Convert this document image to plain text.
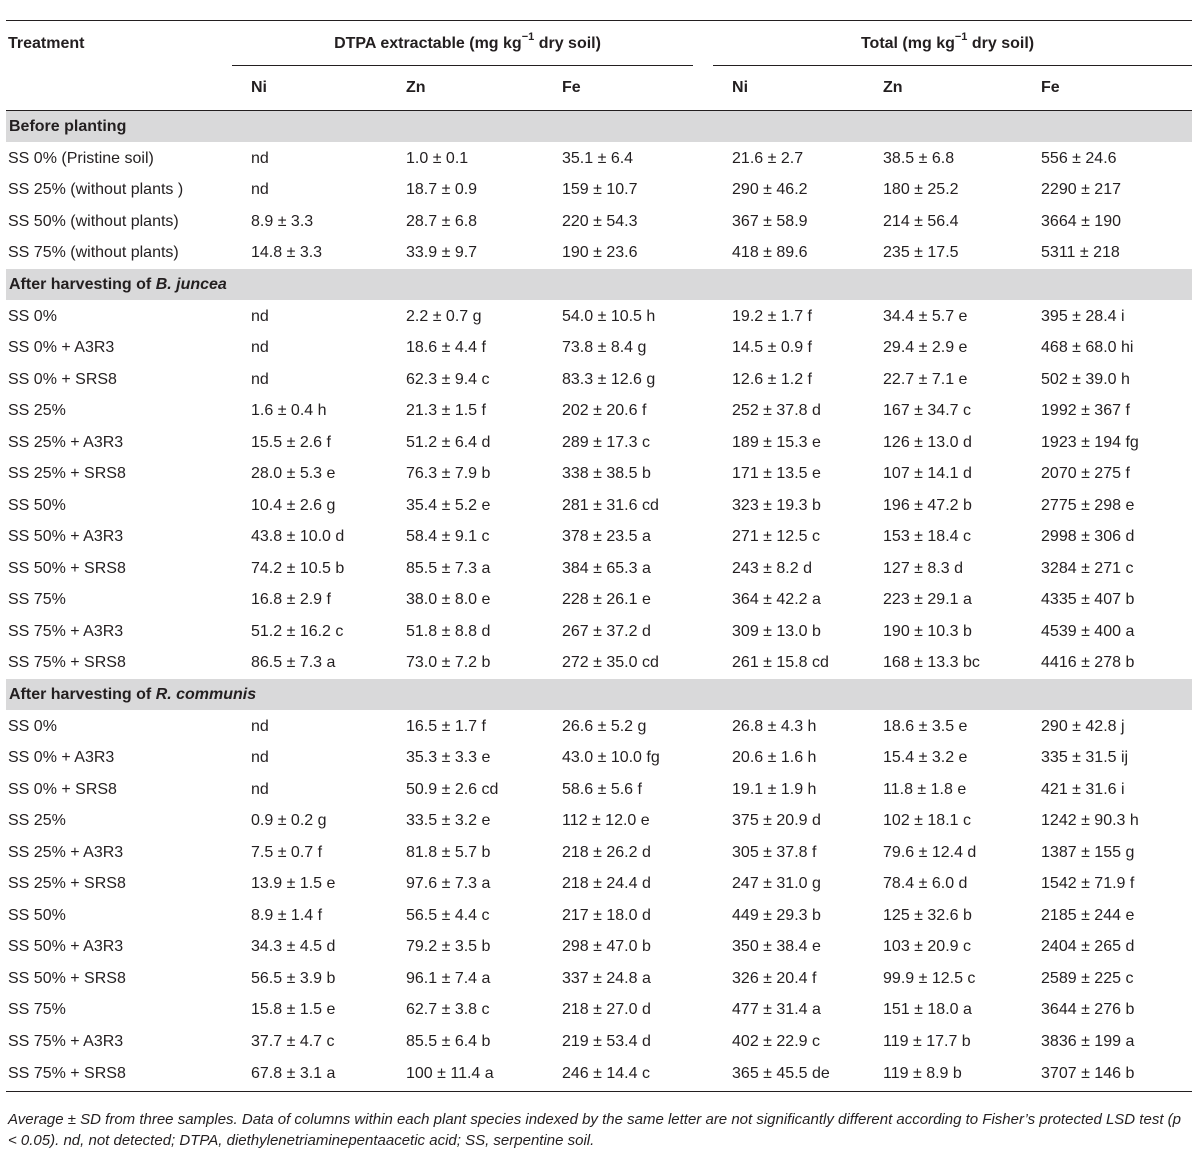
Treatment	DTPA extractable (mg $kg^{-1}$ dry soil)			Total (mg $kg^{-1}$ dry soil)		

	Ni	Zn	Fe	Ni	Zn	Fe
Before planting						
SS 0% (Pristine soil)	nd	1.0 ± 0.1	35.1 ± 6.4	21.6 ± 2.7	38.5 ± 6.8	556 ± 24.6
SS 25% (without plants )	nd	18.7 ± 0.9	159 ± 10.7	290 ± 46.2	180 ± 25.2	2290 ± 217
SS 50% (without plants)	8.9 ± 3.3	28.7 ± 6.8	220 ± 54.3	367 ± 58.9	214 ± 56.4	3664 ± 190
SS 75% (without plants)	14.8 ± 3.3	33.9 ± 9.7	190 ± 23.6	418 ± 89.6	235 ± 17.5	5311 ± 218
After harvesting of B. juncea						
SS 0%	nd	2.2 ± 0.7 g	54.0 ± 10.5 h	19.2 ± 1.7 f	34.4 ± 5.7 e	395 ± 28.4 i
SS 0% + A3R3	nd	18.6 ± 4.4 f	73.8 ± 8.4 g	14.5 ± 0.9 f	29.4 ± 2.9 e	468 ± 68.0 hi
SS 0% + SRS8	nd	62.3 ± 9.4 c	83.3 ± 12.6 g	12.6 ± 1.2 f	22.7 ± 7.1 e	502 ± 39.0 h
SS 25%	1.6 ± 0.4 h	21.3 ± 1.5 f	202 ± 20.6 f	252 ± 37.8 d	167 ± 34.7 c	1992 ± 367 f
SS 25% + A3R3	15.5 ± 2.6 f	51.2 ± 6.4 d	289 ± 17.3 c	189 ± 15.3 e	126 ± 13.0 d	1923 ± 194 fg
SS 25% + SRS8	28.0 ± 5.3 e	76.3 ± 7.9 b	338 ± 38.5 b	171 ± 13.5 e	107 ± 14.1 d	2070 ± 275 f
SS 50%	10.4 ± 2.6 g	35.4 ± 5.2 e	281 ± 31.6 cd	323 ± 19.3 b	196 ± 47.2 b	2775 ± 298 e
SS 50% + A3R3	43.8 ± 10.0 d	58.4 ± 9.1 c	378 ± 23.5 a	271 ± 12.5 c	153 ± 18.4 c	2998 ± 306 d
SS 50% + SRS8	74.2 ± 10.5 b	85.5 ± 7.3 a	384 ± 65.3 a	243 ± 8.2 d	127 ± 8.3 d	3284 ± 271 c
SS 75%	16.8 ± 2.9 f	38.0 ± 8.0 e	228 ± 26.1 e	364 ± 42.2 a	223 ± 29.1 a	4335 ± 407 b
SS 75% + A3R3	51.2 ± 16.2 c	51.8 ± 8.8 d	267 ± 37.2 d	309 ± 13.0 b	190 ± 10.3 b	4539 ± 400 a
SS 75% + SRS8	86.5 ± 7.3 a	73.0 ± 7.2 b	272 ± 35.0 cd	261 ± 15.8 cd	168 ± 13.3 bc	4416 ± 278 b
After harvesting of R. communis						
SS 0%	nd	16.5 ± 1.7 f	26.6 ± 5.2 g	26.8 ± 4.3 h	18.6 ± 3.5 e	290 ± 42.8 j
SS 0% + A3R3	nd	35.3 ± 3.3 e	43.0 ± 10.0 fg	20.6 ± 1.6 h	15.4 ± 3.2 e	335 ± 31.5 ij
SS 0% + SRS8	nd	50.9 ± 2.6 cd	58.6 ± 5.6 f	19.1 ± 1.9 h	11.8 ± 1.8 e	421 ± 31.6 i
SS 25%	0.9 ± 0.2 g	33.5 ± 3.2 e	112 ± 12.0 e	375 ± 20.9 d	102 ± 18.1 c	1242 ± 90.3 h
SS 25% + A3R3	7.5 ± 0.7 f	81.8 ± 5.7 b	218 ± 26.2 d	305 ± 37.8 f	79.6 ± 12.4 d	1387 ± 155 g
SS 25% + SRS8	13.9 ± 1.5 e	97.6 ± 7.3 a	218 ± 24.4 d	247 ± 31.0 g	78.4 ± 6.0 d	1542 ± 71.9 f
SS 50%	8.9 ± 1.4 f	56.5 ± 4.4 c	217 ± 18.0 d	449 ± 29.3 b	125 ± 32.6 b	2185 ± 244 e
SS 50% + A3R3	34.3 ± 4.5 d	79.2 ± 3.5 b	298 ± 47.0 b	350 ± 38.4 e	103 ± 20.9 c	2404 ± 265 d
SS 50% + SRS8	56.5 ± 3.9 b	96.1 ± 7.4 a	337 ± 24.8 a	326 ± 20.4 f	99.9 ± 12.5 c	2589 ± 225 c
SS 75%	15.8 ± 1.5 e	62.7 ± 3.8 c	218 ± 27.0 d	477 ± 31.4 a	151 ± 18.0 a	3644 ± 276 b
SS 75% + A3R3	37.7 ± 4.7 c	85.5 ± 6.4 b	219 ± 53.4 d	402 ± 22.9 c	119 ± 17.7 b	3836 ± 199 a
SS 75% + SRS8	67.8 ± 3.1 a	100 ± 11.4 a	246 ± 14.4 c	365 ± 45.5 de	119 ± 8.9 b	3707 ± 146 b
Average ± SD from three samples. Data of columns within each plant species indexed by the same letter are not significantly different according to Fisher’s protected LSD test (p < 0.05). nd, not detected; DTPA, diethylenetriaminepentaacetic acid; SS, serpentine soil.
